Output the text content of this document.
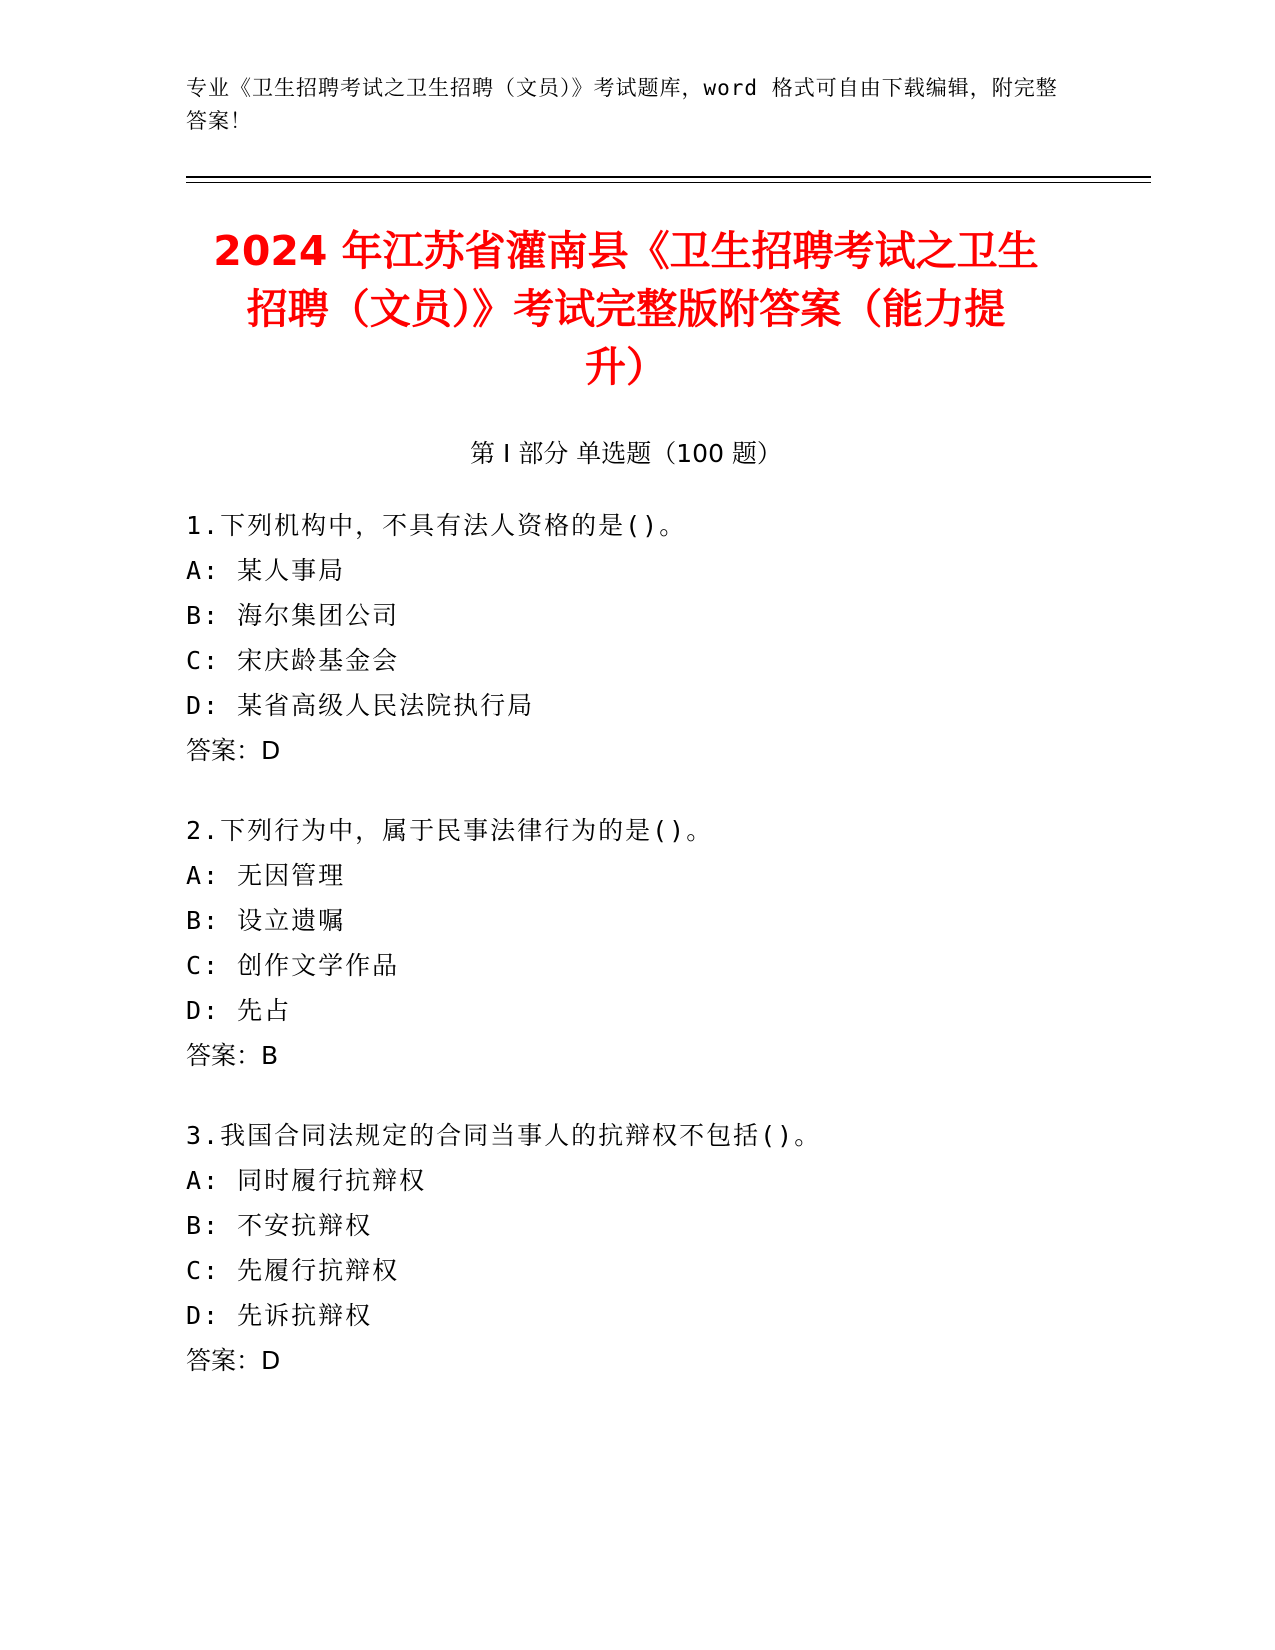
专业《卫生招聘考试之卫生招聘（文员）》考试题库，word 格式可自由下载编辑，附完整答案！
2024 年江苏省灌南县《卫生招聘考试之卫生
招聘（文员）》考试完整版附答案（能力提
升）
第 I 部分 单选题（100 题）
1.下列机构中，不具有法人资格的是()。
A: 某人事局
B: 海尔集团公司
C: 宋庆龄基金会
D: 某省高级人民法院执行局
答案：D
2.下列行为中，属于民事法律行为的是()。
A: 无因管理
B: 设立遗嘱
C: 创作文学作品
D: 先占
答案：B
3.我国合同法规定的合同当事人的抗辩权不包括()。
A: 同时履行抗辩权
B: 不安抗辩权
C: 先履行抗辩权
D: 先诉抗辩权
答案：D
